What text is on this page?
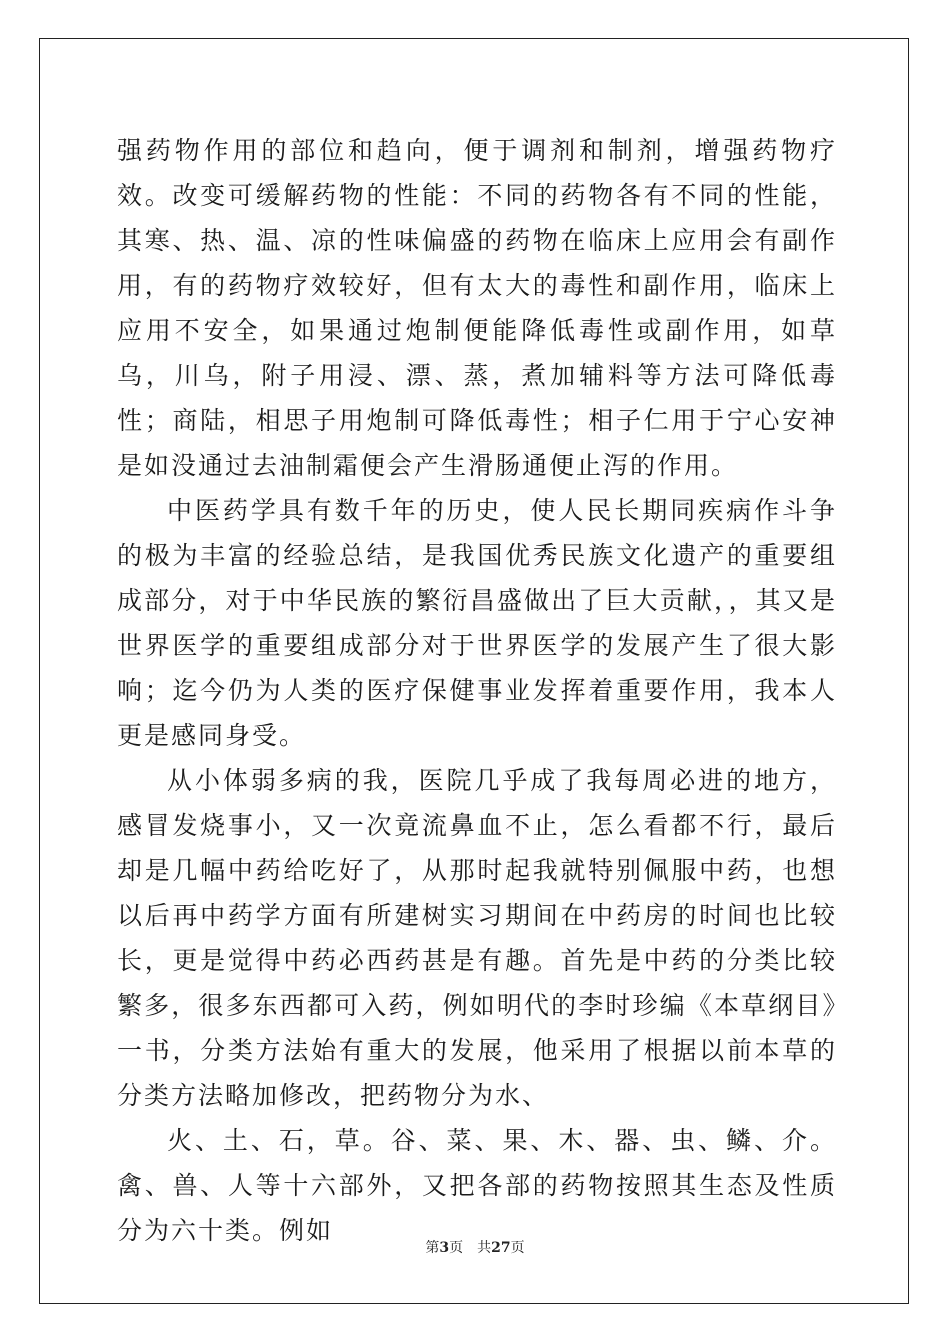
强药物作用的部位和趋向，便于调剂和制剂，增强药物疗效。改变可缓解药物的性能：不同的药物各有不同的性能，其寒、热、温、凉的性味偏盛的药物在临床上应用会有副作用，有的药物疗效较好，但有太大的毒性和副作用，临床上应用不安全，如果通过炮制便能降低毒性或副作用，如草乌，川乌，附子用浸、漂、蒸，煮加辅料等方法可降低毒性；商陆，相思子用炮制可降低毒性；相子仁用于宁心安神是如没通过去油制霜便会产生滑肠通便止泻的作用。

中医药学具有数千年的历史，使人民长期同疾病作斗争的极为丰富的经验总结，是我国优秀民族文化遗产的重要组成部分，对于中华民族的繁衍昌盛做出了巨大贡献，，其又是世界医学的重要组成部分对于世界医学的发展产生了很大影响；迄今仍为人类的医疗保健事业发挥着重要作用，我本人更是感同身受。

从小体弱多病的我，医院几乎成了我每周必进的地方，感冒发烧事小，又一次竟流鼻血不止，怎么看都不行，最后却是几幅中药给吃好了，从那时起我就特别佩服中药，也想以后再中药学方面有所建树实习期间在中药房的时间也比较长，更是觉得中药必西药甚是有趣。首先是中药的分类比较繁多，很多东西都可入药，例如明代的李时珍编《本草纲目》一书，分类方法始有重大的发展，他采用了根据以前本草的分类方法略加修改，把药物分为水、

火、土、石，草。谷、菜、果、木、器、虫、鳞、介。禽、兽、人等十六部外，又把各部的药物按照其生态及性质分为六十类。例如

第3页 共27页
